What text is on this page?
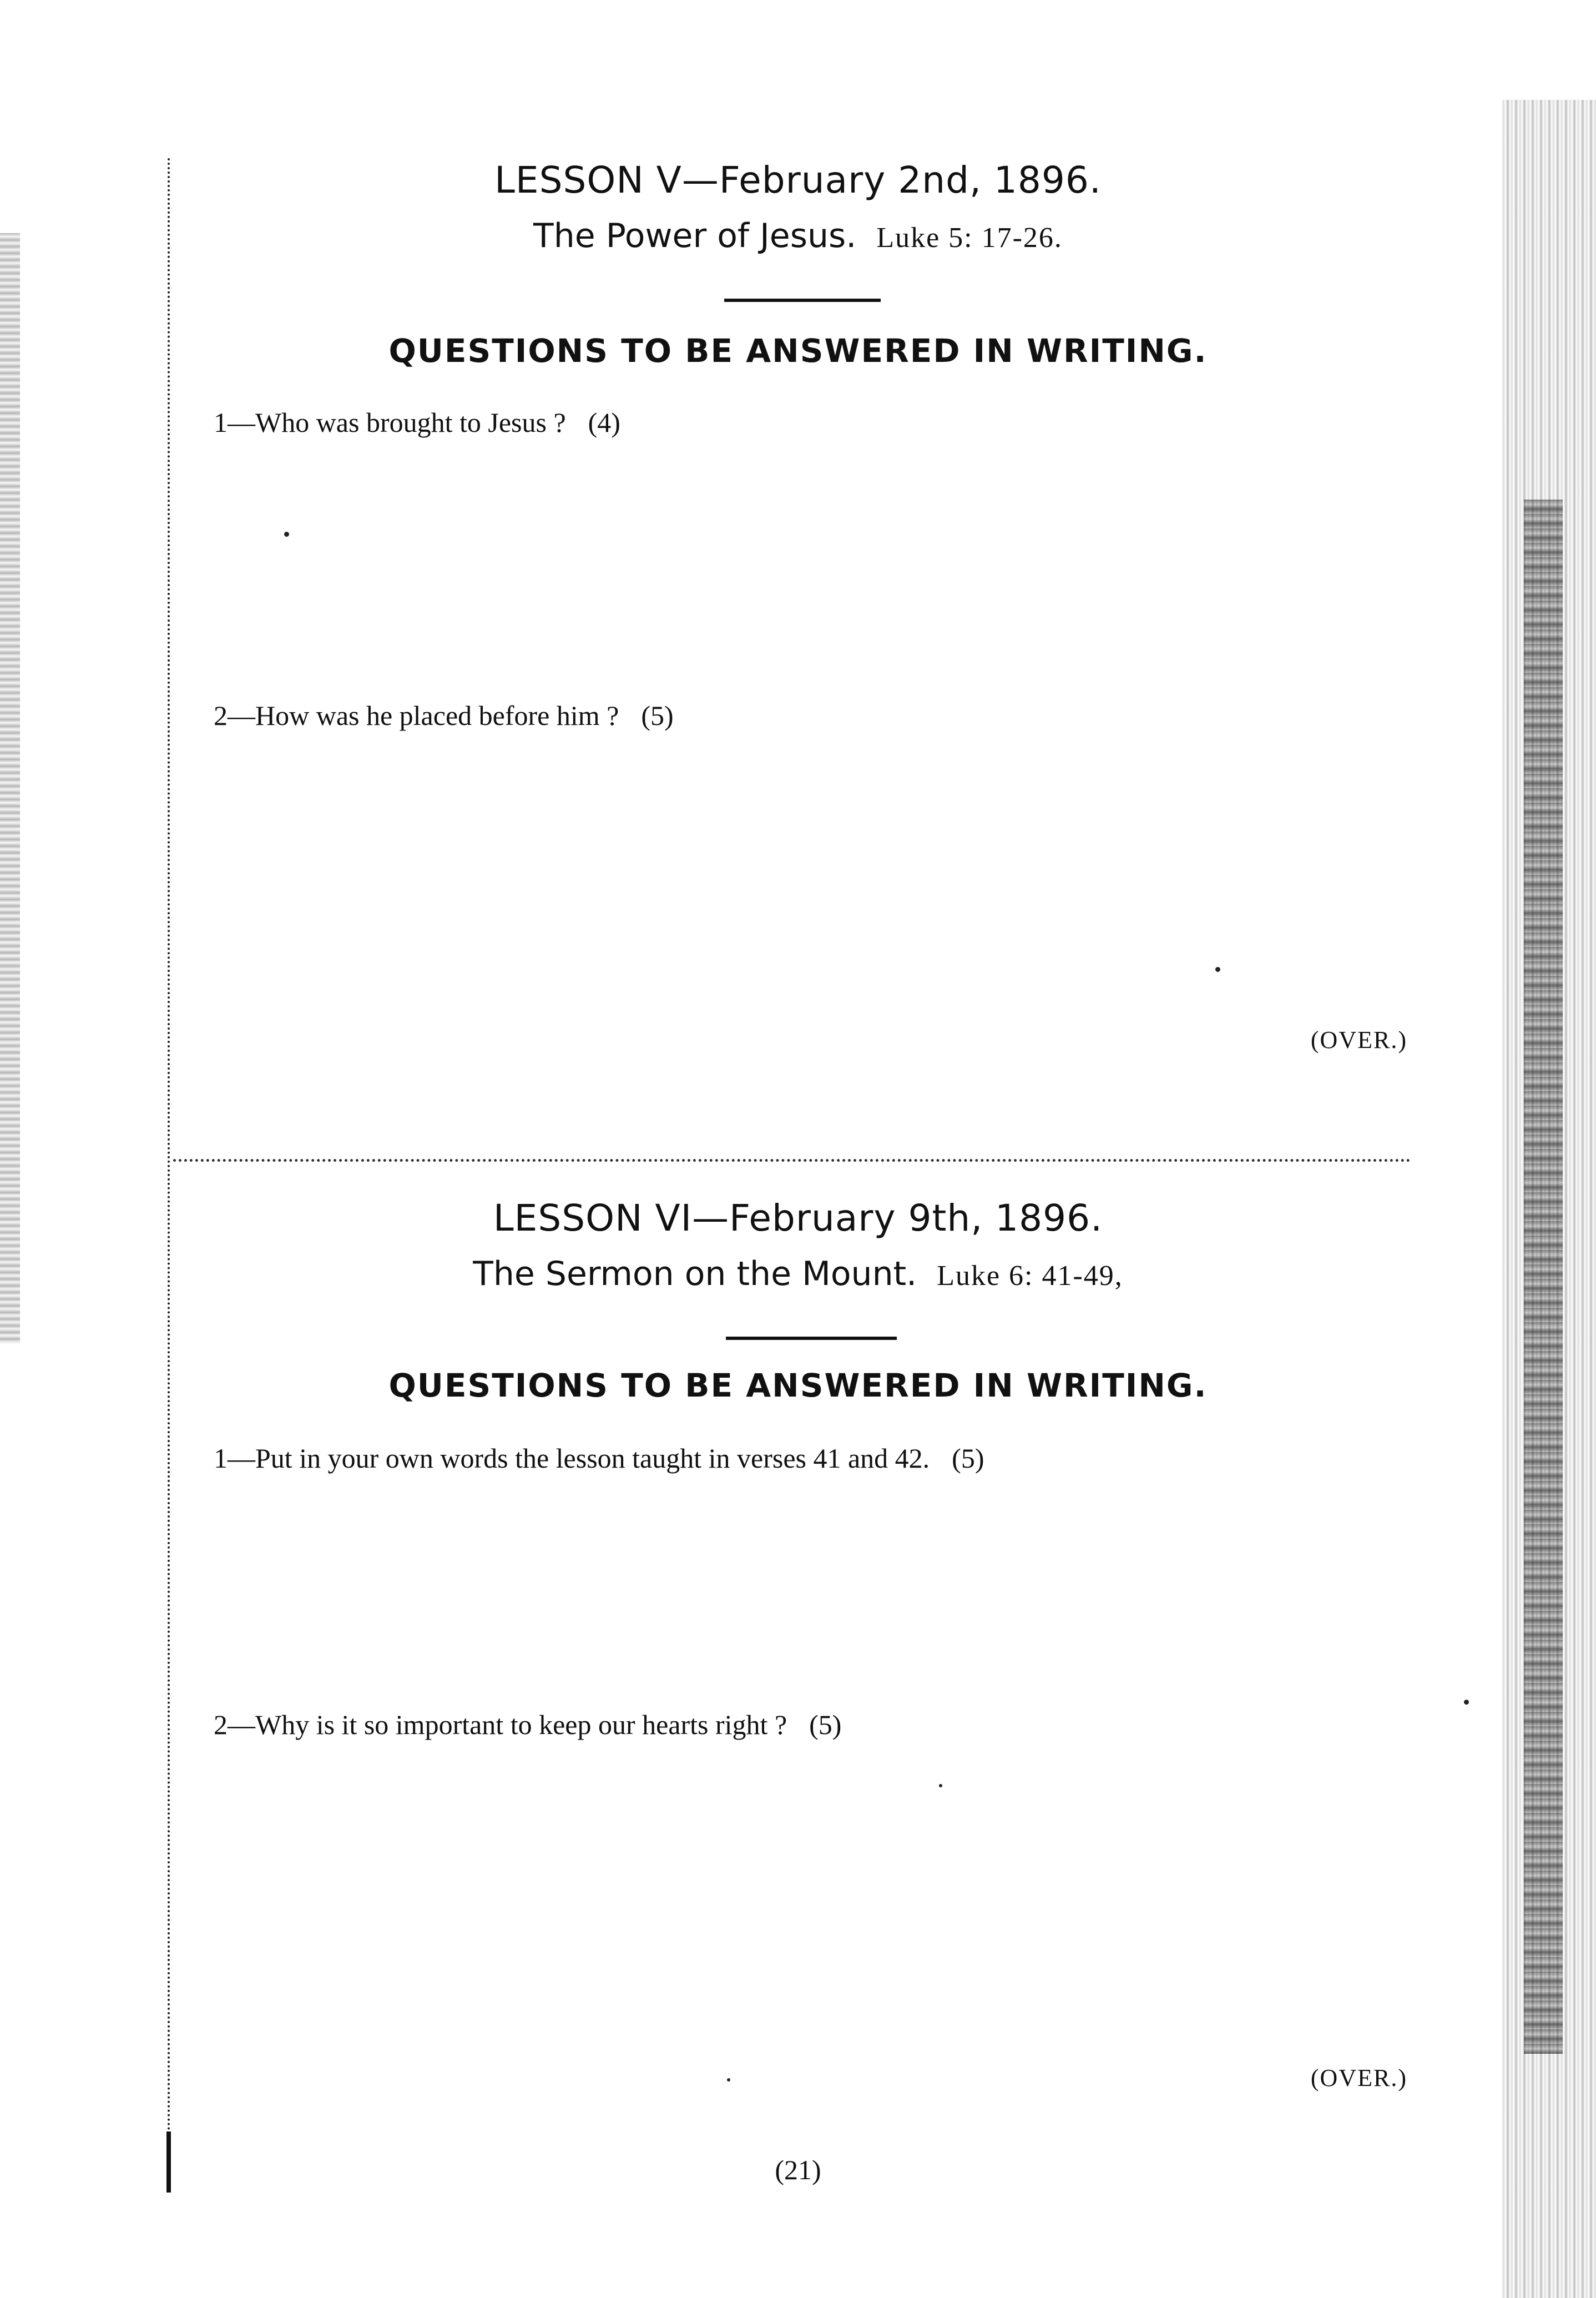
LESSON V—February 2nd, 1896.
The Power of Jesus. Luke 5: 17-26.
QUESTIONS TO BE ANSWERED IN WRITING.
1—Who was brought to Jesus ? (4)
2—How was he placed before him ? (5)
(OVER.)
LESSON VI—February 9th, 1896.
The Sermon on the Mount. Luke 6: 41-49,
QUESTIONS TO BE ANSWERED IN WRITING.
1—Put in your own words the lesson taught in verses 41 and 42. (5)
2—Why is it so important to keep our hearts right ? (5)
(OVER.)
(21)
